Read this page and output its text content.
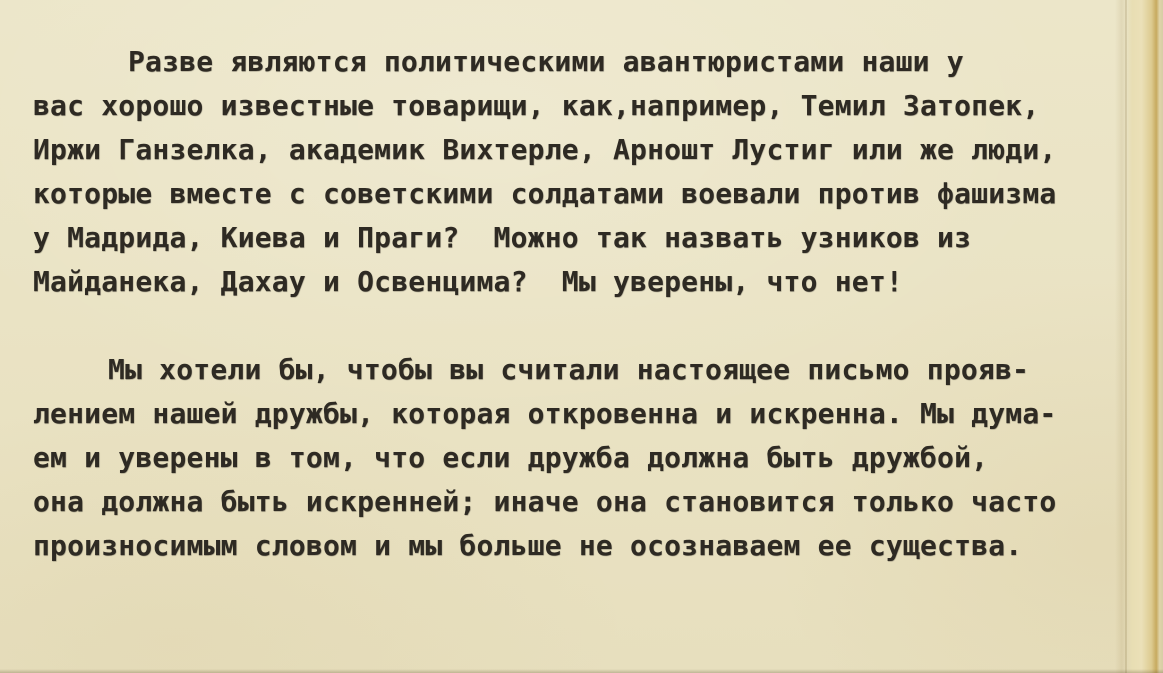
Разве являются политическими авантюристами наши у
вас хорошо известные товарищи, как,например, Темил Затопек,
Иржи Ганзелка, академик Вихтерле, Арношт Лустиг или же люди,
которые вместе с советскими солдатами воевали против фашизма
у Мадрида, Киева и Праги?  Можно так назвать узников из
Майданека, Дахау и Освенцима?  Мы уверены, что нет!
Мы хотели бы, чтобы вы считали настоящее письмо прояв-
лением нашей дружбы, которая откровенна и искренна. Мы дума-
ем и уверены в том, что если дружба должна быть дружбой,
она должна быть искренней; иначе она становится только часто
произносимым словом и мы больше не осознаваем ее существа.
